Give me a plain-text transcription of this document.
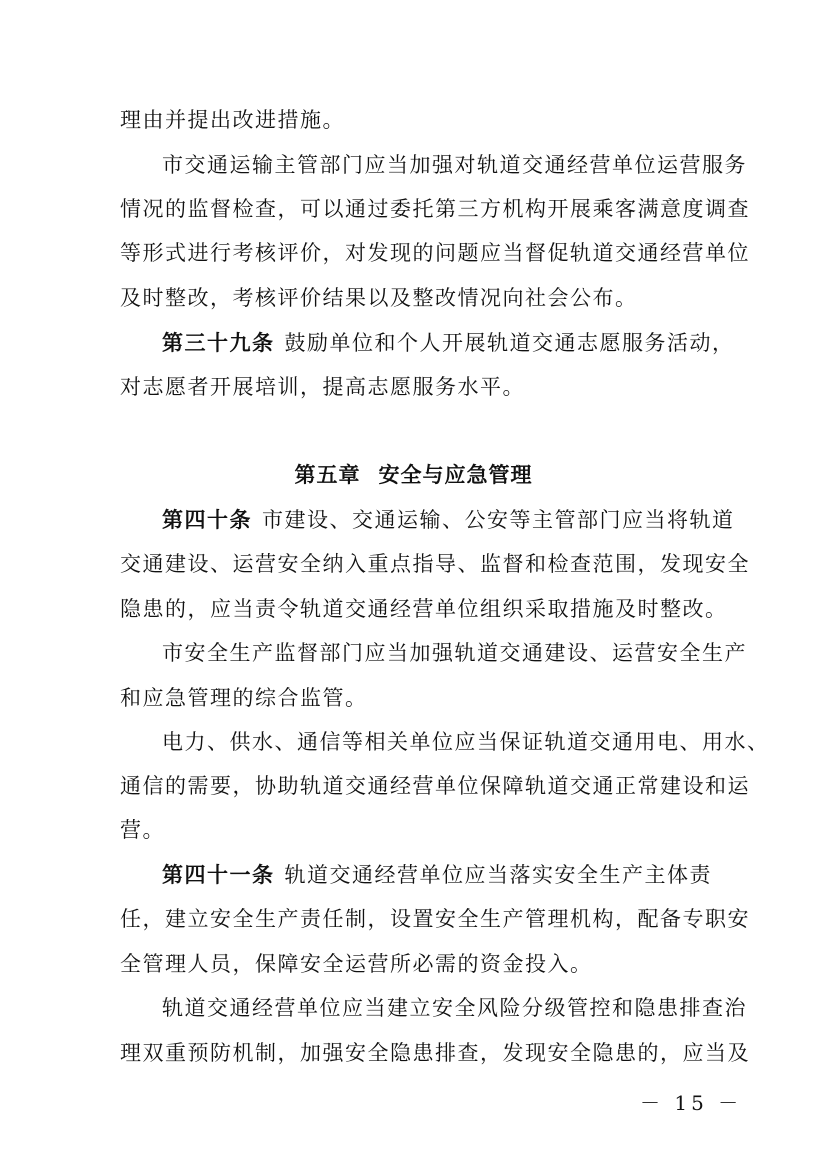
理由并提出改进措施。
市交通运输主管部门应当加强对轨道交通经营单位运营服务
情况的监督检查，可以通过委托第三方机构开展乘客满意度调查
等形式进行考核评价，对发现的问题应当督促轨道交通经营单位
及时整改，考核评价结果以及整改情况向社会公布。
第三十九条 鼓励单位和个人开展轨道交通志愿服务活动，
对志愿者开展培训，提高志愿服务水平。
第五章 安全与应急管理
第四十条 市建设、交通运输、公安等主管部门应当将轨道
交通建设、运营安全纳入重点指导、监督和检查范围，发现安全
隐患的，应当责令轨道交通经营单位组织采取措施及时整改。
市安全生产监督部门应当加强轨道交通建设、运营安全生产
和应急管理的综合监管。
电力、供水、通信等相关单位应当保证轨道交通用电、用水、
通信的需要，协助轨道交通经营单位保障轨道交通正常建设和运
营。
第四十一条 轨道交通经营单位应当落实安全生产主体责
任，建立安全生产责任制，设置安全生产管理机构，配备专职安
全管理人员，保障安全运营所必需的资金投入。
轨道交通经营单位应当建立安全风险分级管控和隐患排查治
理双重预防机制，加强安全隐患排查，发现安全隐患的，应当及
－ 15 －
